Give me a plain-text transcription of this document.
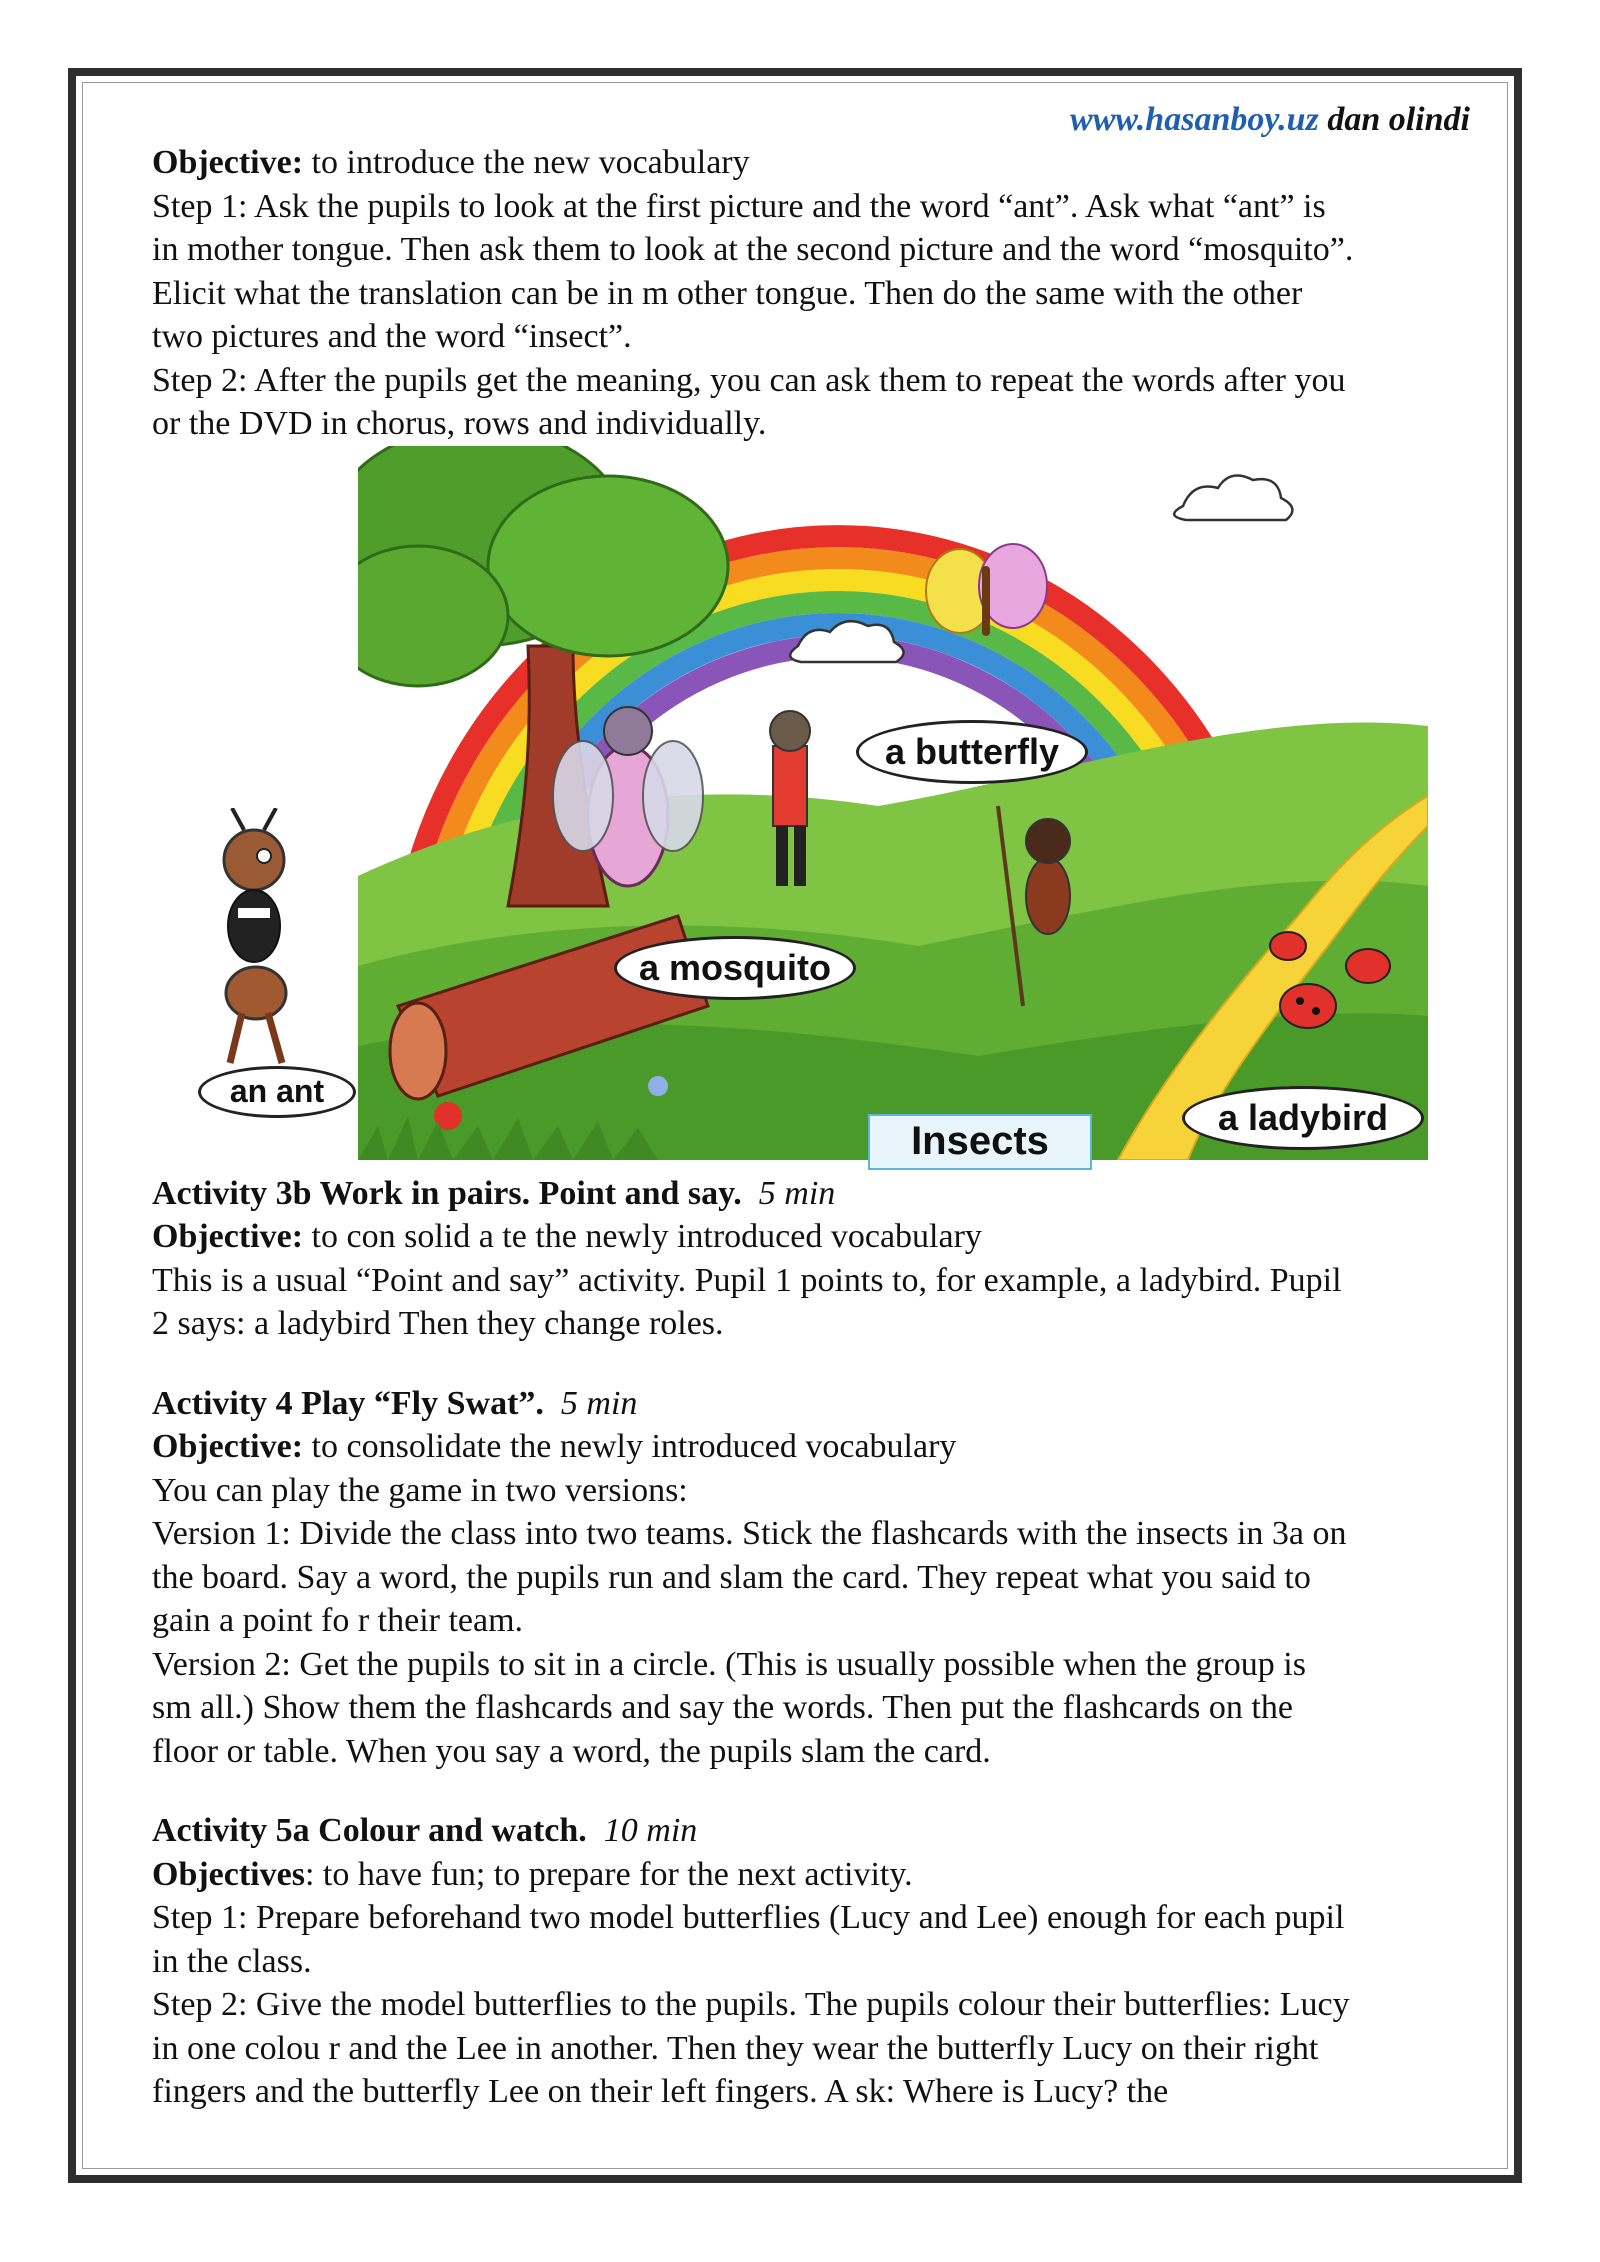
www.hasanboy.uz dan olindi
Objective: to introduce the new vocabulary
Step 1: Ask the pupils to look at the first picture and the word “ant”. Ask what “ant” is
in mother tongue. Then ask them to look at the second picture and the word “mosquito”.
Elicit what the translation can be in m other tongue. Then do the same with the other
two pictures and the word “insect”.
Step 2: After the pupils get the meaning, you can ask them to repeat the words after you
or the DVD in chorus, rows and individually.
an ant
a mosquito
a butterfly
a ladybird
Insects
Activity 3b Work in pairs. Point and say. 5 min
Objective: to con solid a te the newly introduced vocabulary
This is a usual “Point and say” activity. Pupil 1 points to, for example, a ladybird. Pupil
2 says: a ladybird Then they change roles.
Activity 4 Play “Fly Swat”. 5 min
Objective: to consolidate the newly introduced vocabulary
You can play the game in two versions:
Version 1: Divide the class into two teams. Stick the flashcards with the insects in 3a on
the board. Say a word, the pupils run and slam the card. They repeat what you said to
gain a point fo r their team.
Version 2: Get the pupils to sit in a circle. (This is usually possible when the group is
sm all.) Show them the flashcards and say the words. Then put the flashcards on the
floor or table. When you say a word, the pupils slam the card.
Activity 5a Colour and watch. 10 min
Objectives: to have fun; to prepare for the next activity.
Step 1: Prepare beforehand two model butterflies (Lucy and Lee) enough for each pupil
in the class.
Step 2: Give the model butterflies to the pupils. The pupils colour their butterflies: Lucy
in one colou r and the Lee in another. Then they wear the butterfly Lucy on their right
fingers and the butterfly Lee on their left fingers. A sk: Where is Lucy? the
